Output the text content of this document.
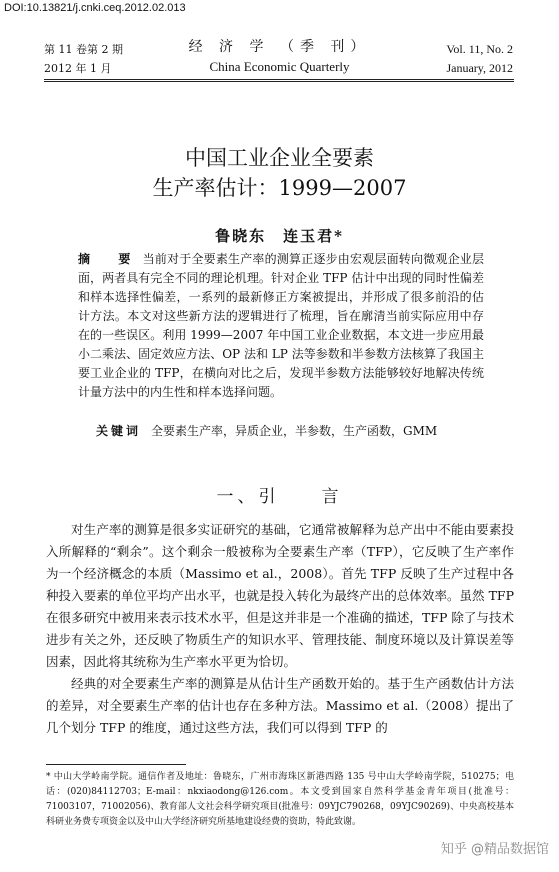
DOI:10.13821/j.cnki.ceq.2012.02.013
第 11 卷第 2 期
2012 年 1 月
经 济 学 （季 刊）
China Economic Quarterly
Vol. 11, No. 2
January, 2012
中国工业企业全要素
生产率估计：1999—2007
鲁晓东　连玉君*
摘　要 当前对于全要素生产率的测算正逐步由宏观层面转向微观企业层面，两者具有完全不同的理论机理。针对企业 TFP 估计中出现的同时性偏差和样本选择性偏差，一系列的最新修正方案被提出，并形成了很多前沿的估计方法。本文对这些新方法的逻辑进行了梳理，旨在廓清当前实际应用中存在的一些误区。利用 1999—2007 年中国工业企业数据，本文进一步应用最小二乘法、固定效应方法、OP 法和 LP 法等参数和半参数方法核算了我国主要工业企业的 TFP，在横向对比之后，发现半参数方法能够较好地解决传统计量方法中的内生性和样本选择问题。
关键词 全要素生产率，异质企业，半参数，生产函数，GMM
一、引　　言

对生产率的测算是很多实证研究的基础，它通常被解释为总产出中不能由要素投入所解释的“剩余”。这个剩余一般被称为全要素生产率（TFP），它反映了生产率作为一个经济概念的本质（Massimo et al.，2008）。首先 TFP 反映了生产过程中各种投入要素的单位平均产出水平，也就是投入转化为最终产出的总体效率。虽然 TFP 在很多研究中被用来表示技术水平，但是这并非是一个准确的描述，TFP 除了与技术进步有关之外，还反映了物质生产的知识水平、管理技能、制度环境以及计算误差等因素，因此将其统称为生产率水平更为恰切。

经典的对全要素生产率的测算是从估计生产函数开始的。基于生产函数估计方法的差异，对全要素生产率的估计也存在多种方法。Massimo et al.（2008）提出了几个划分 TFP 的维度，通过这些方法，我们可以得到 TFP 的

* 中山大学岭南学院。通信作者及地址：鲁晓东，广州市海珠区新港西路 135 号中山大学岭南学院，510275；电话：(020)84112703；E-mail：nkxiaodong@126.com。本文受到国家自然科学基金青年项目(批准号：71003107，71002056)、教育部人文社会科学研究项目(批准号：09YJC790268，09YJC90269)、中央高校基本科研业务费专项资金以及中山大学经济研究所基地建设经费的资助，特此致谢。
知乎 @精品数据馆
